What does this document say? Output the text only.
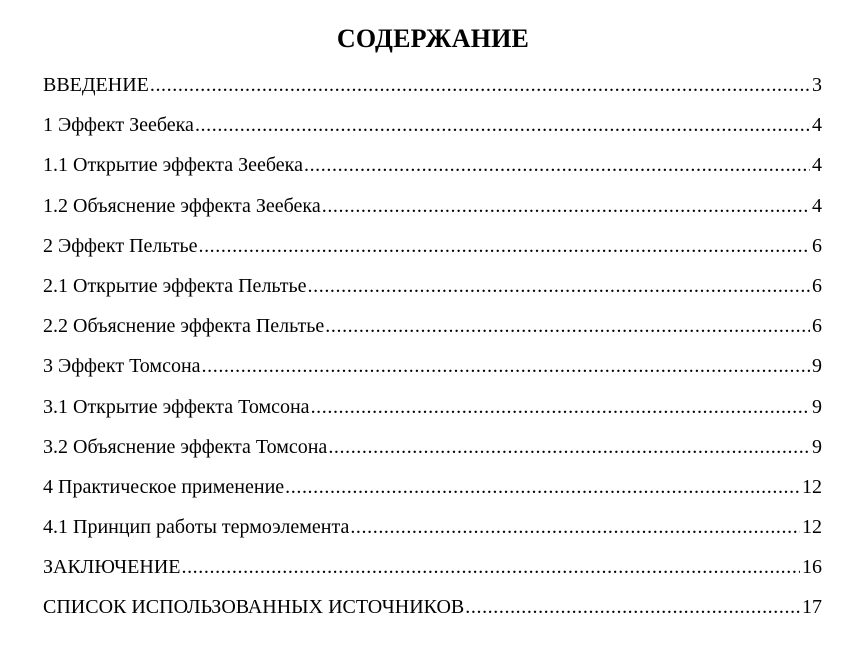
СОДЕРЖАНИЕ
ВВЕДЕНИЕ .....	3
1 Эффект Зеебека .....	4
1.1 Открытие эффекта Зеебека .....	4
1.2 Объяснение эффекта Зеебека .....	4
2 Эффект Пельтье .....	6
2.1 Открытие эффекта Пельтье .....	6
2.2 Объяснение эффекта Пельтье .....	6
3 Эффект Томсона .....	9
3.1 Открытие эффекта Томсона .....	9
3.2 Объяснение эффекта Томсона .....	9
4 Практическое применение .....	12
4.1 Принцип работы термоэлемента .....	12
ЗАКЛЮЧЕНИЕ .....	16
СПИСОК ИСПОЛЬЗОВАННЫХ ИСТОЧНИКОВ .....	17
